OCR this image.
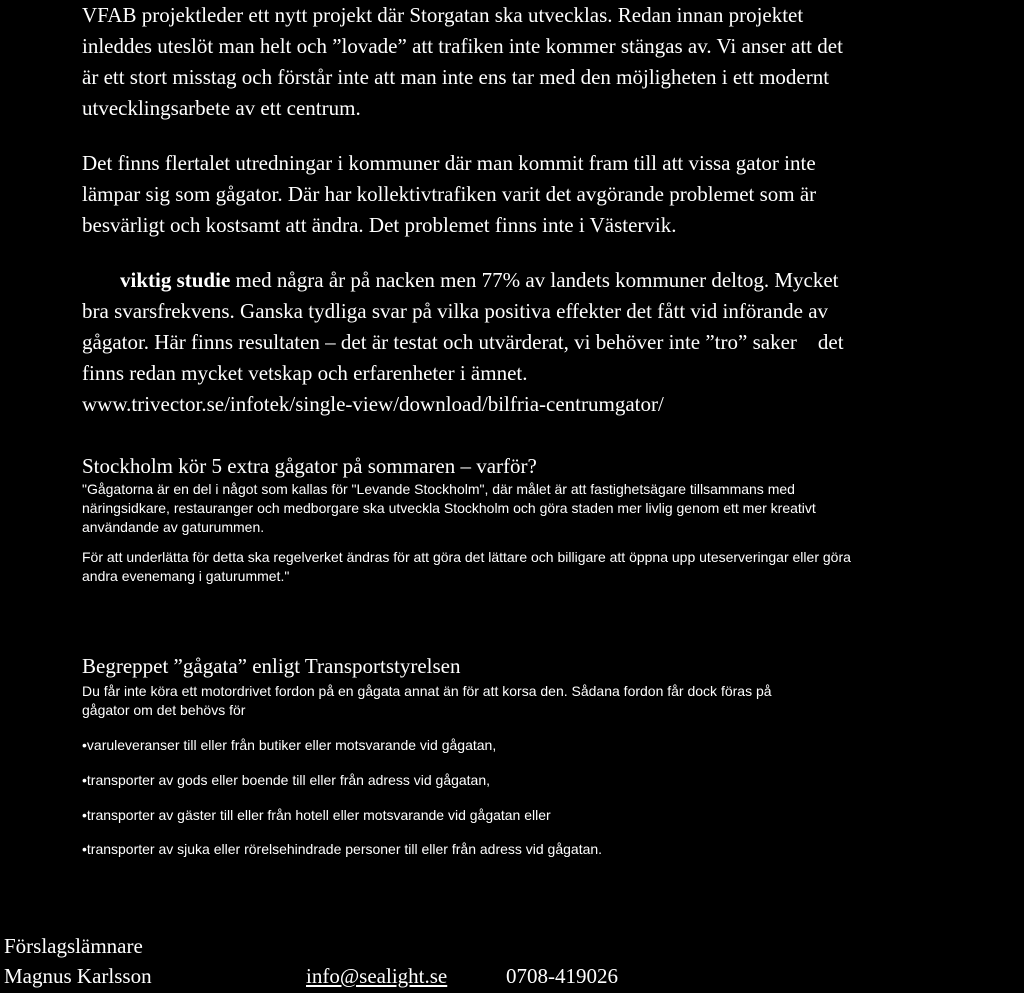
VFAB projektleder ett nytt projekt där Storgatan ska utvecklas. Redan innan projektet
inleddes uteslöt man helt och ”lovade” att trafiken inte kommer stängas av. Vi anser att det
är ett stort misstag och förstår inte att man inte ens tar med den möjligheten i ett modernt
utvecklingsarbete av ett centrum.
Det finns flertalet utredningar i kommuner där man kommit fram till att vissa gator inte
lämpar sig som gågator. Där har kollektivtrafiken varit det avgörande problemet som är
besvärligt och kostsamt att ändra. Det problemet finns inte i Västervik.
viktig studie med några år på nacken men 77% av landets kommuner deltog. Mycket
bra svarsfrekvens. Ganska tydliga svar på vilka positiva effekter det fått vid införande av
gågator. Här finns resultaten – det är testat och utvärderat, vi behöver inte ”tro” saker    det
finns redan mycket vetskap och erfarenheter i ämnet.
www.trivector.se/infotek/single-view/download/bilfria-centrumgator/
Stockholm kör 5 extra gågator på sommaren – varför?
"Gågatorna är en del i något som kallas för "Levande Stockholm", där målet är att fastighetsägare tillsammans med
näringsidkare, restauranger och medborgare ska utveckla Stockholm och göra staden mer livlig genom ett mer kreativt
användande av gaturummen.
För att underlätta för detta ska regelverket ändras för att göra det lättare och billigare att öppna upp uteserveringar eller göra
andra evenemang i gaturummet."
Begreppet ”gågata” enligt Transportstyrelsen
Du får inte köra ett motordrivet fordon på en gågata annat än för att korsa den. Sådana fordon får dock föras på
gågator om det behövs för
•varuleveranser till eller från butiker eller motsvarande vid gågatan,
•transporter av gods eller boende till eller från adress vid gågatan,
•transporter av gäster till eller från hotell eller motsvarande vid gågatan eller
•transporter av sjuka eller rörelsehindrade personer till eller från adress vid gågatan.
Förslagslämnare
Magnus Karlsson	info@sealight.se	0708-419026
